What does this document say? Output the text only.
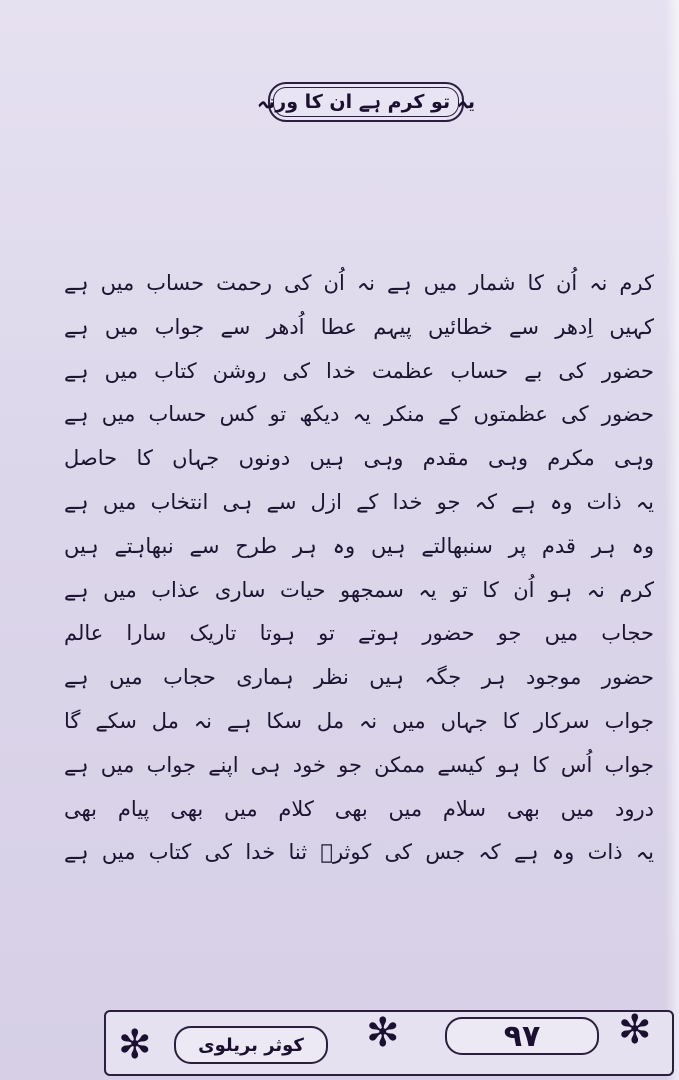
یہ تو کرم ہے ان کا ورنہ
کرم نہ اُن کا شمار میں ہے نہ اُن کی رحمت حساب میں ہے
کہیں اِدھر سے خطائیں پیہم عطا اُدھر سے جواب میں ہے
حضور کی بے حساب عظمت خدا کی روشن کتاب میں ہے
حضور کی عظمتوں کے منکر یہ دیکھ تو کس حساب میں ہے
وہی مکرم وہی مقدم وہی ہیں دونوں جہاں کا حاصل
یہ ذات وہ ہے کہ جو خدا کے ازل سے ہی انتخاب میں ہے
وہ ہر قدم پر سنبھالتے ہیں وہ ہر طرح سے نبھاہتے ہیں
کرم نہ ہو اُن کا تو یہ سمجھو حیات ساری عذاب میں ہے
حجاب میں جو حضور ہوتے تو ہوتا تاریک سارا عالم
حضور موجود ہر جگہ ہیں نظر ہماری حجاب میں ہے
جواب سرکار کا جہاں میں نہ مل سکا ہے نہ مل سکے گا
جواب اُس کا ہو کیسے ممکن جو خود ہی اپنے جواب میں ہے
درود میں بھی سلام میں بھی کلام میں بھی پیام بھی
یہ ذات وہ ہے کہ جس کی کوثرؔ ثنا خدا کی کتاب میں ہے
✻	✻	✻
کوثر بریلوی	۹۷
